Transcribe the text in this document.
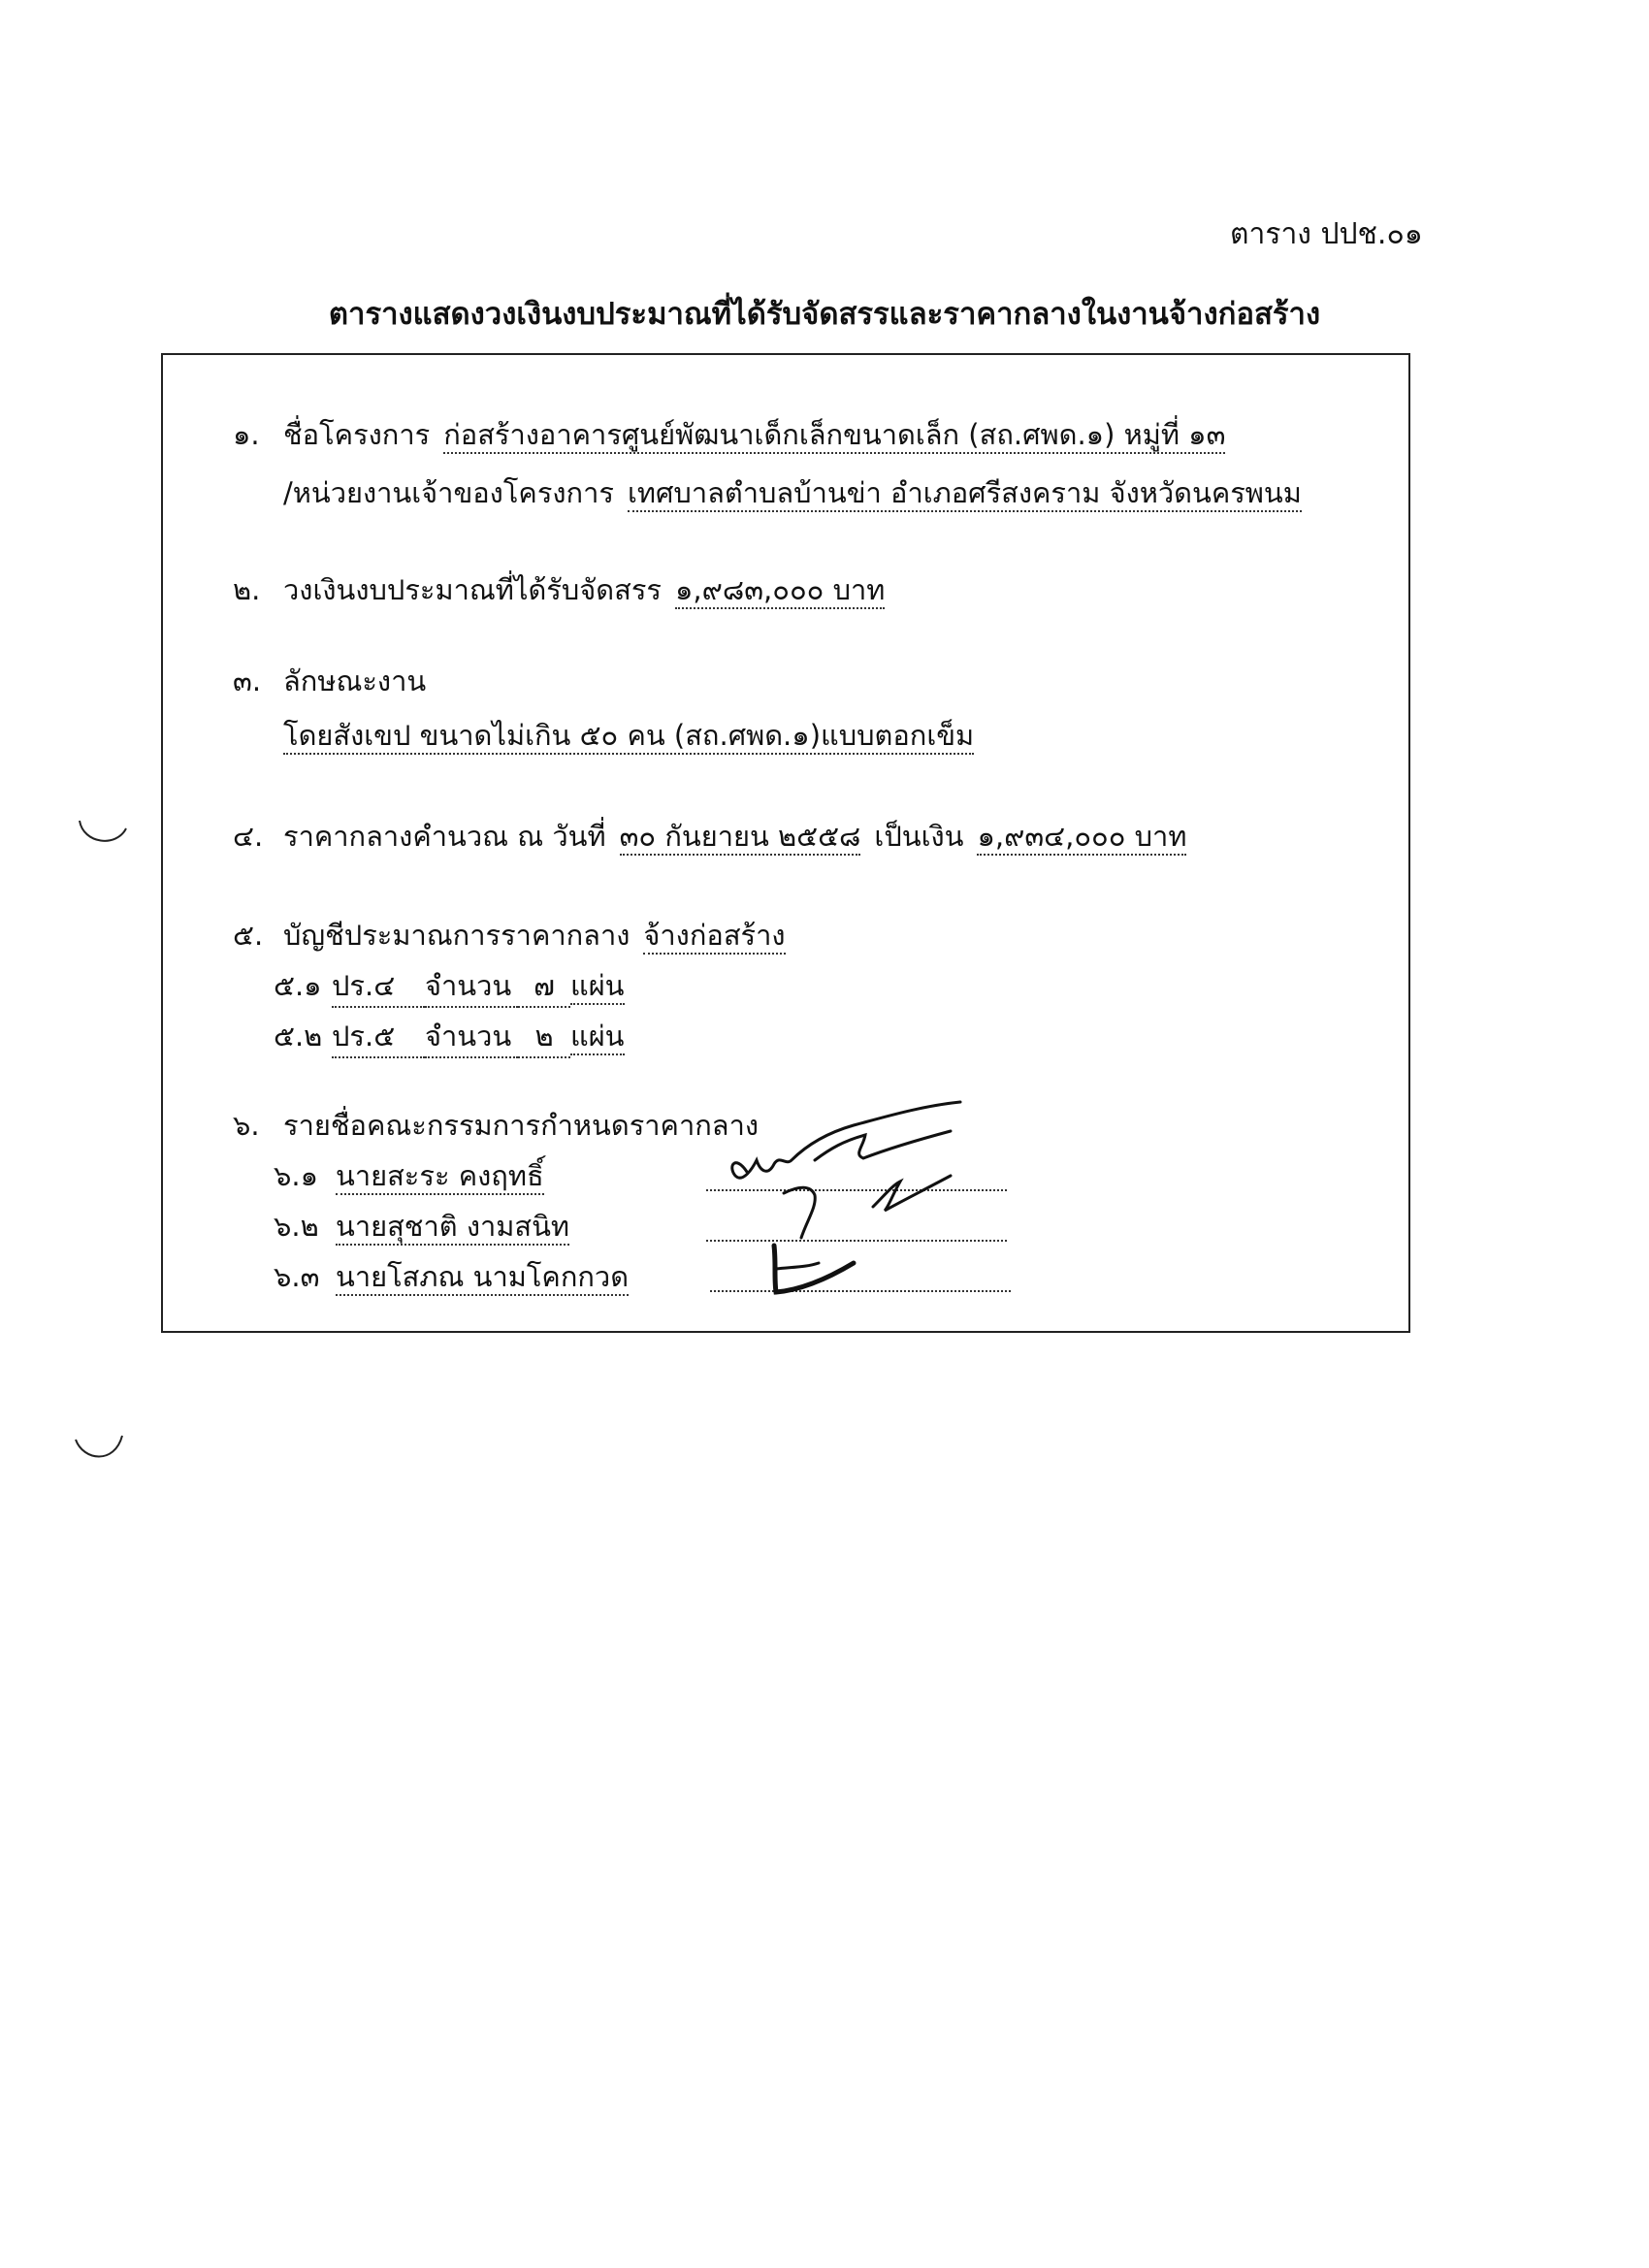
ตาราง ปปช.๐๑
ตารางแสดงวงเงินงบประมาณที่ได้รับจัดสรรและราคากลางในงานจ้างก่อสร้าง
๑. ชื่อโครงการ ก่อสร้างอาคารศูนย์พัฒนาเด็กเล็กขนาดเล็ก (สถ.ศพด.๑) หมู่ที่ ๑๓
/หน่วยงานเจ้าของโครงการ เทศบาลตำบลบ้านข่า อำเภอศรีสงคราม จังหวัดนครพนม
๒. วงเงินงบประมาณที่ได้รับจัดสรร ๑,๙๘๓,๐๐๐ บาท
๓. ลักษณะงาน
โดยสังเขป ขนาดไม่เกิน ๕๐ คน (สถ.ศพด.๑)แบบตอกเข็ม
๔. ราคากลางคำนวณ ณ วันที่ ๓๐ กันยายน ๒๕๕๘ เป็นเงิน ๑,๙๓๔,๐๐๐ บาท
๕. บัญชีประมาณการราคากลาง จ้างก่อสร้าง
๕.๑ ปร.๔ จำนวน ๗ แผ่น
๕.๒ ปร.๕ จำนวน ๒ แผ่น
๖. รายชื่อคณะกรรมการกำหนดราคากลาง
๖.๑ นายสะระ คงฤทธิ์
๖.๒ นายสุชาติ งามสนิท
๖.๓ นายโสภณ นามโคกกวด
